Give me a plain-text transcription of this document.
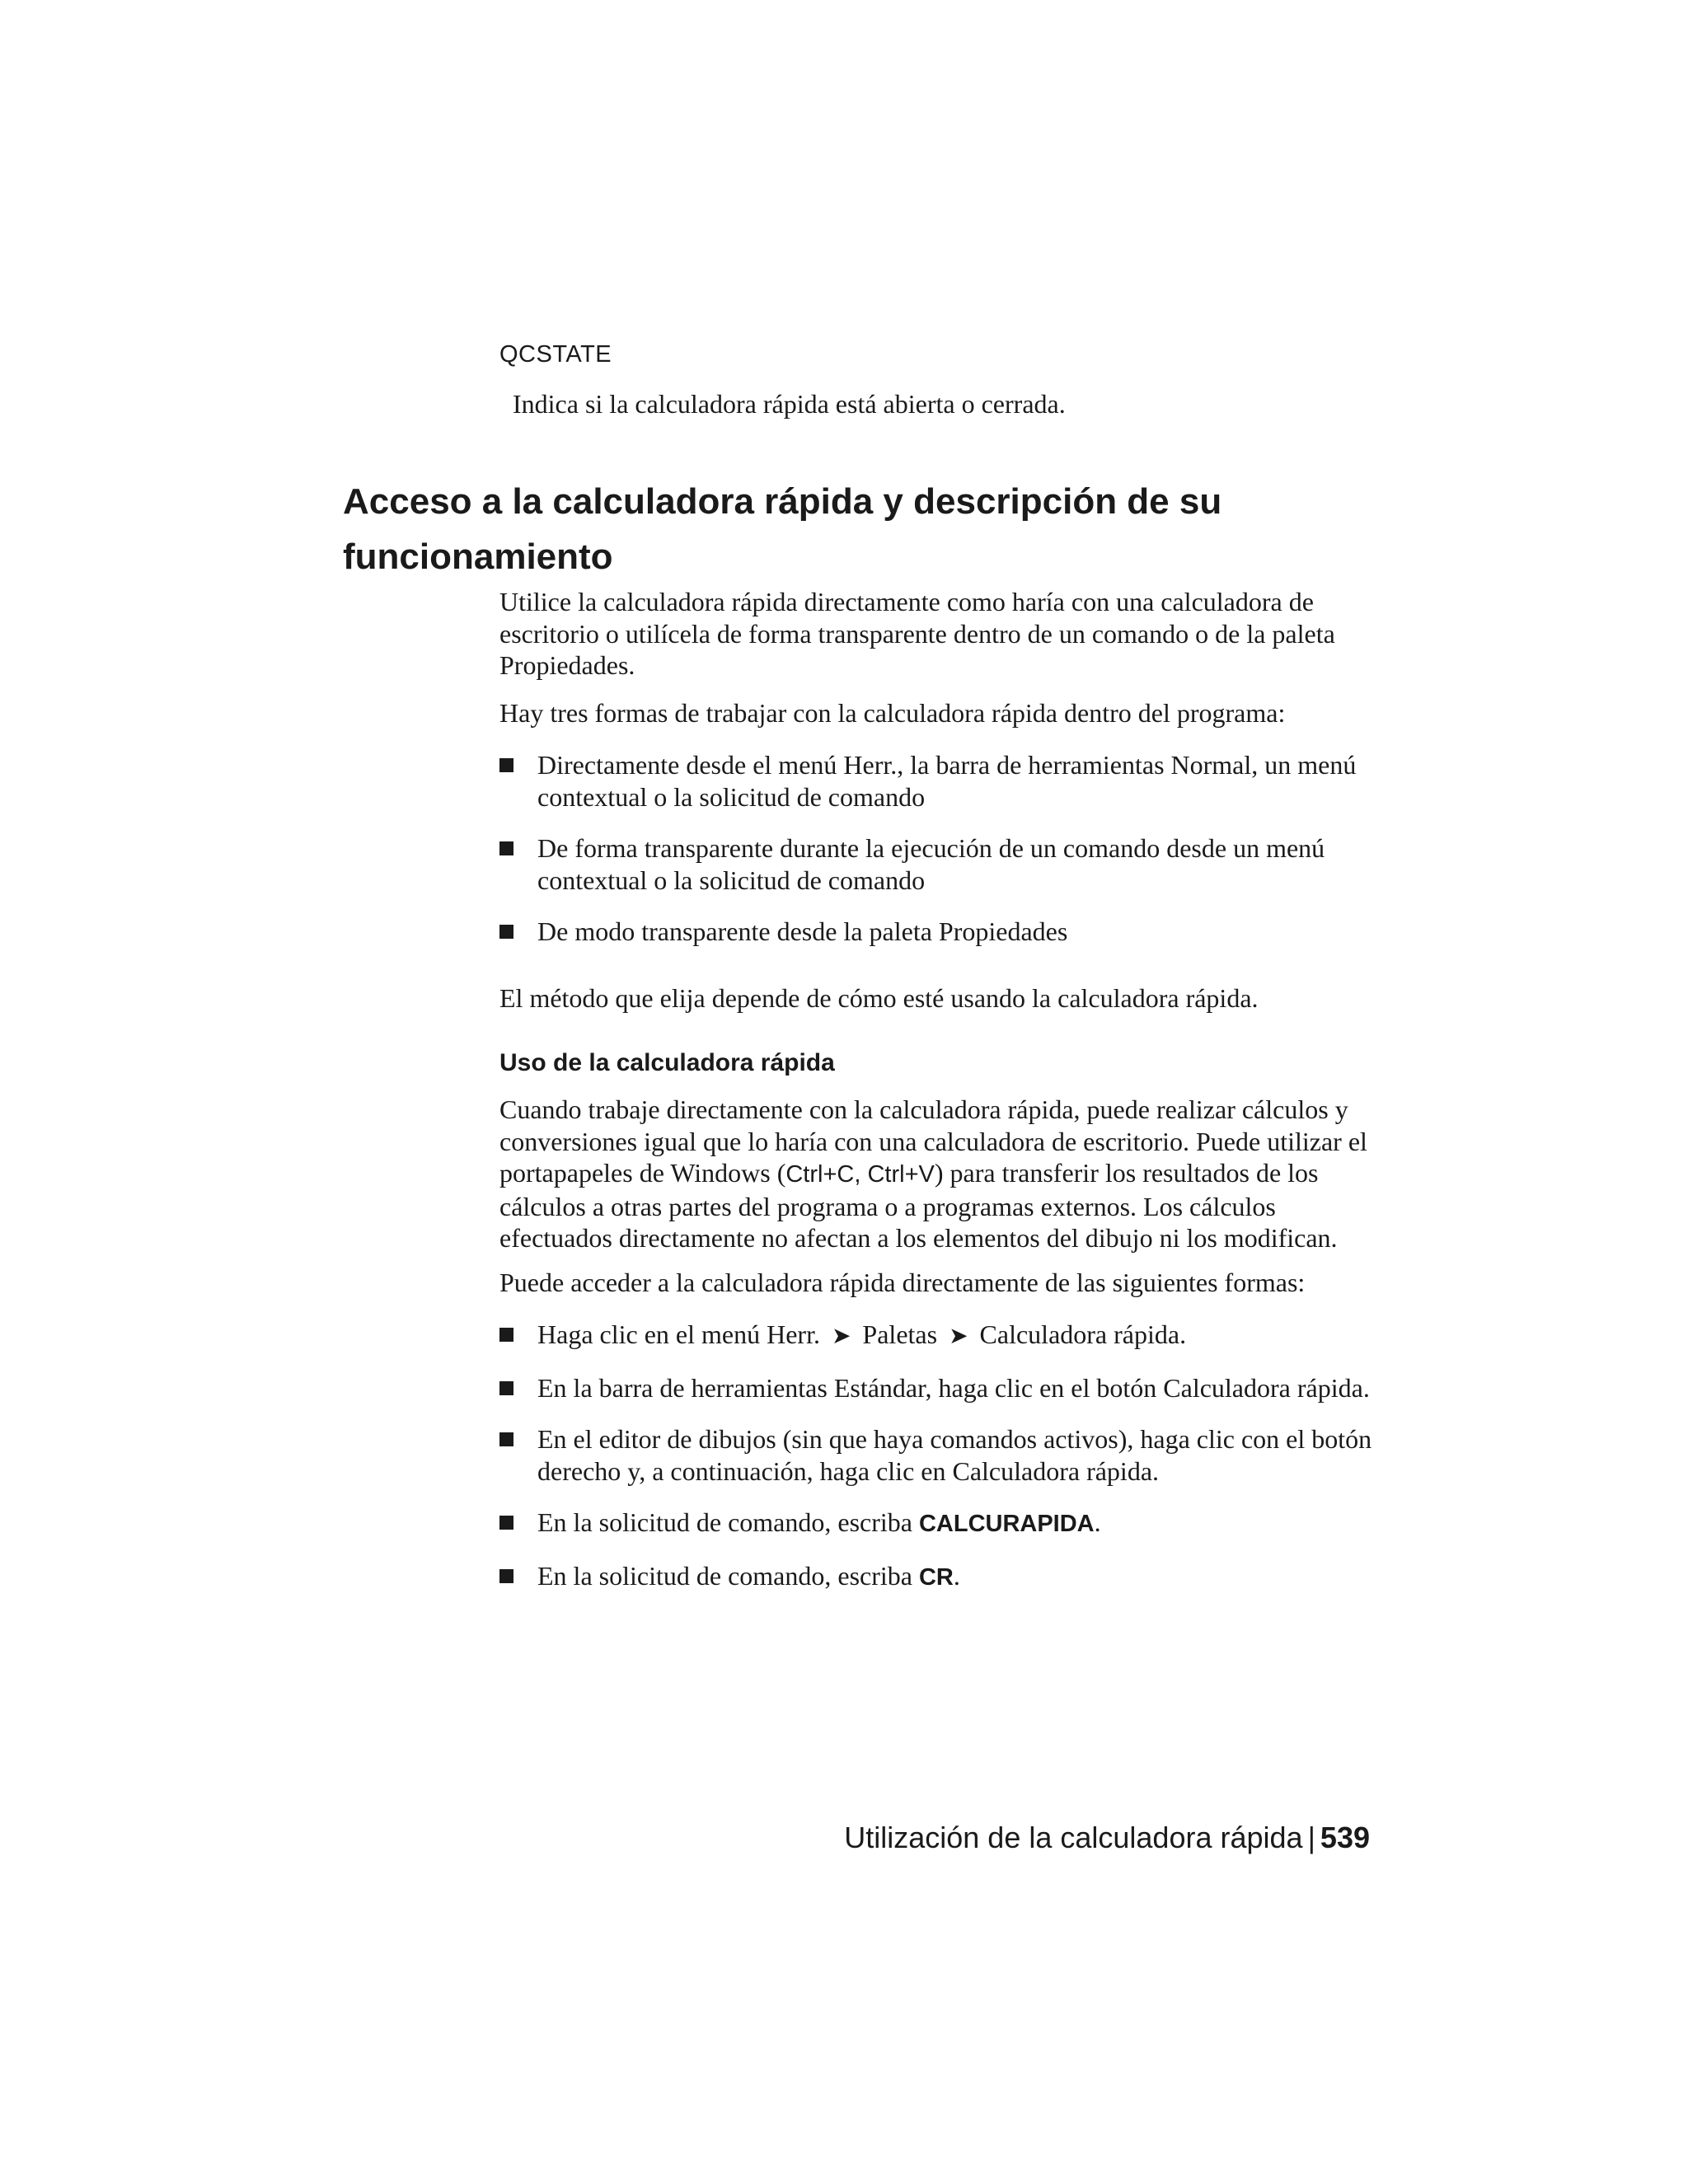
QCSTATE
Indica si la calculadora rápida está abierta o cerrada.
Acceso a la calculadora rápida y descripción de su
funcionamiento

Utilice la calculadora rápida directamente como haría con una calculadora de escritorio o utilícela de forma transparente dentro de un comando o de la paleta Propiedades.

Hay tres formas de trabajar con la calculadora rápida dentro del programa:

Directamente desde el menú Herr., la barra de herramientas Normal, un menú contextual o la solicitud de comando
De forma transparente durante la ejecución de un comando desde un menú contextual o la solicitud de comando
De modo transparente desde la paleta Propiedades

El método que elija depende de cómo esté usando la calculadora rápida.

Uso de la calculadora rápida

Cuando trabaje directamente con la calculadora rápida, puede realizar cálculos y conversiones igual que lo haría con una calculadora de escritorio. Puede utilizar el portapapeles de Windows (Ctrl+C, Ctrl+V) para transferir los resultados de los cálculos a otras partes del programa o a programas externos. Los cálculos efectuados directamente no afectan a los elementos del dibujo ni los modifican.

Puede acceder a la calculadora rápida directamente de las siguientes formas:

Haga clic en el menú Herr. ➤ Paletas ➤ Calculadora rápida.
En la barra de herramientas Estándar, haga clic en el botón Calculadora rápida.
En el editor de dibujos (sin que haya comandos activos), haga clic con el botón derecho y, a continuación, haga clic en Calculadora rápida.
En la solicitud de comando, escriba CALCURAPIDA.
En la solicitud de comando, escriba CR.
Utilización de la calculadora rápida | 539
